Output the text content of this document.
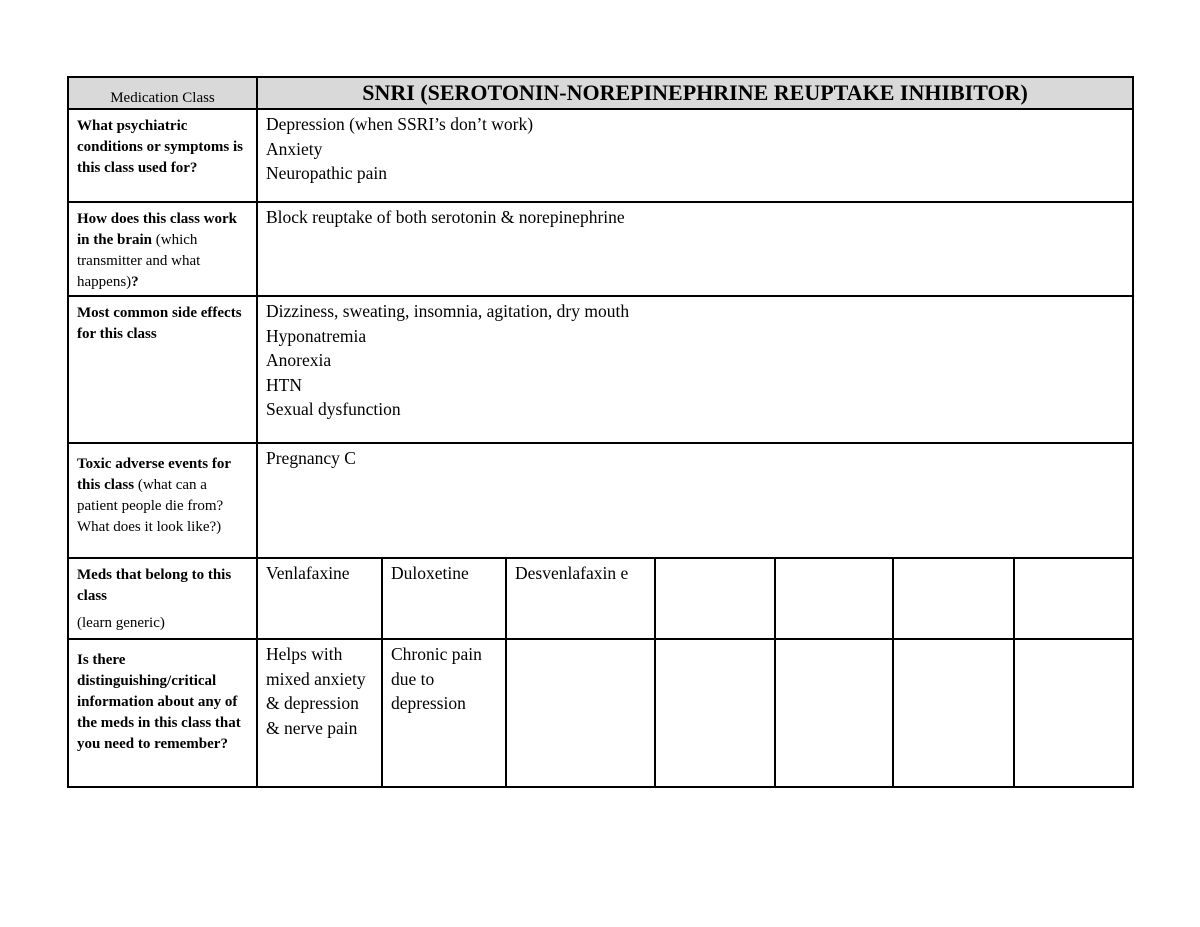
Medication Class	SNRI (SEROTONIN-NOREPINEPHRINE REUPTAKE INHIBITOR)						
What psychiatric conditions or symptoms is this class used for?	Depression (when SSRI’s don’t work)
Anxiety
Neuropathic pain						

How does this class work in the brain (which transmitter and what happens)?	Block reuptake of both serotonin & norepinephrine						

Most common side effects for this class	Dizziness, sweating, insomnia, agitation, dry mouth
Hyponatremia
Anorexia
HTN
Sexual dysfunction						

Toxic adverse events for this class (what can a patient people die from? What does it look like?)	Pregnancy C						

Meds that belong to this class
(learn generic)	Venlafaxine	Duloxetine	Desvenlafaxin e				
Is there distinguishing/critical information about any of the meds in this class that you need to remember?	Helps with mixed anxiety & depression & nerve pain	Chronic pain due to depression					
